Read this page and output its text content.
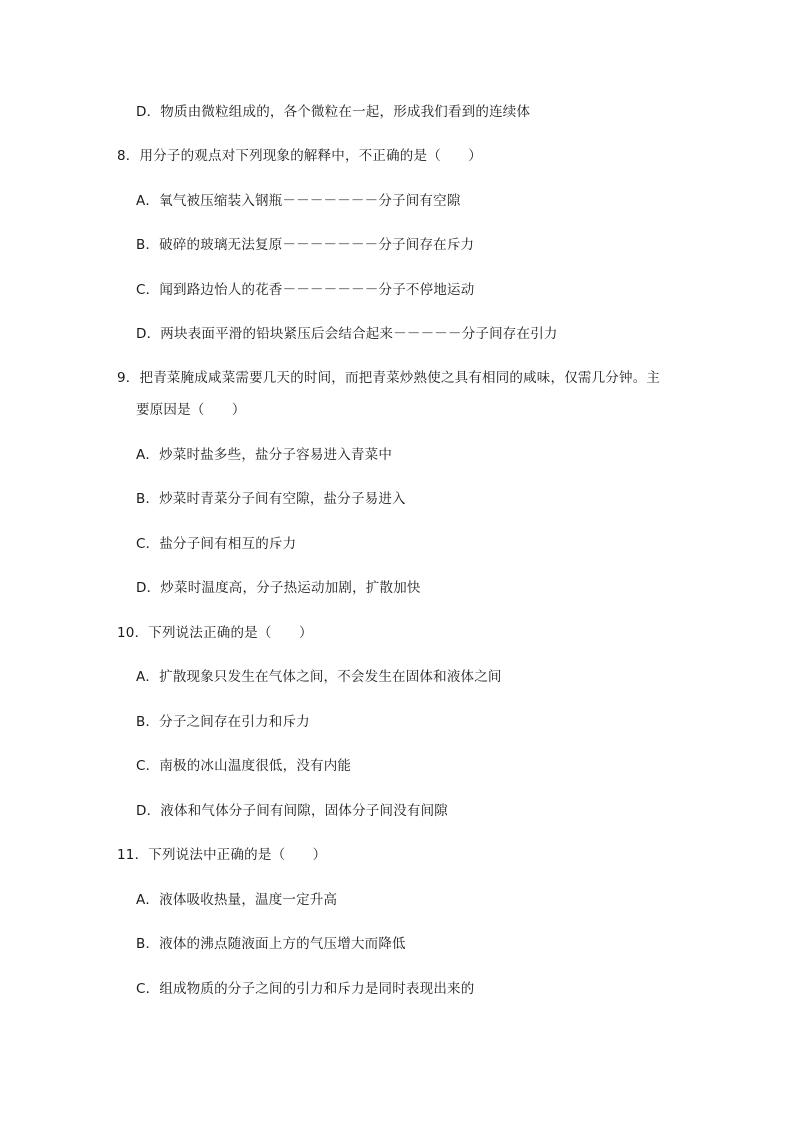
D．物质由微粒组成的，各个微粒在一起，形成我们看到的连续体
8．用分子的观点对下列现象的解释中，不正确的是（　　）
A．氧气被压缩装入钢瓶－－－－－－－分子间有空隙
B．破碎的玻璃无法复原－－－－－－－分子间存在斥力
C．闻到路边怡人的花香－－－－－－－分子不停地运动
D．两块表面平滑的铅块紧压后会结合起来－－－－－分子间存在引力
9．把青菜腌成咸菜需要几天的时间，而把青菜炒熟使之具有相同的咸味，仅需几分钟。主
要原因是（　　）
A．炒菜时盐多些，盐分子容易进入青菜中
B．炒菜时青菜分子间有空隙，盐分子易进入
C．盐分子间有相互的斥力
D．炒菜时温度高，分子热运动加剧，扩散加快
10．下列说法正确的是（　　）
A．扩散现象只发生在气体之间，不会发生在固体和液体之间
B．分子之间存在引力和斥力
C．南极的冰山温度很低，没有内能
D．液体和气体分子间有间隙，固体分子间没有间隙
11．下列说法中正确的是（　　）
A．液体吸收热量，温度一定升高
B．液体的沸点随液面上方的气压增大而降低
C．组成物质的分子之间的引力和斥力是同时表现出来的
